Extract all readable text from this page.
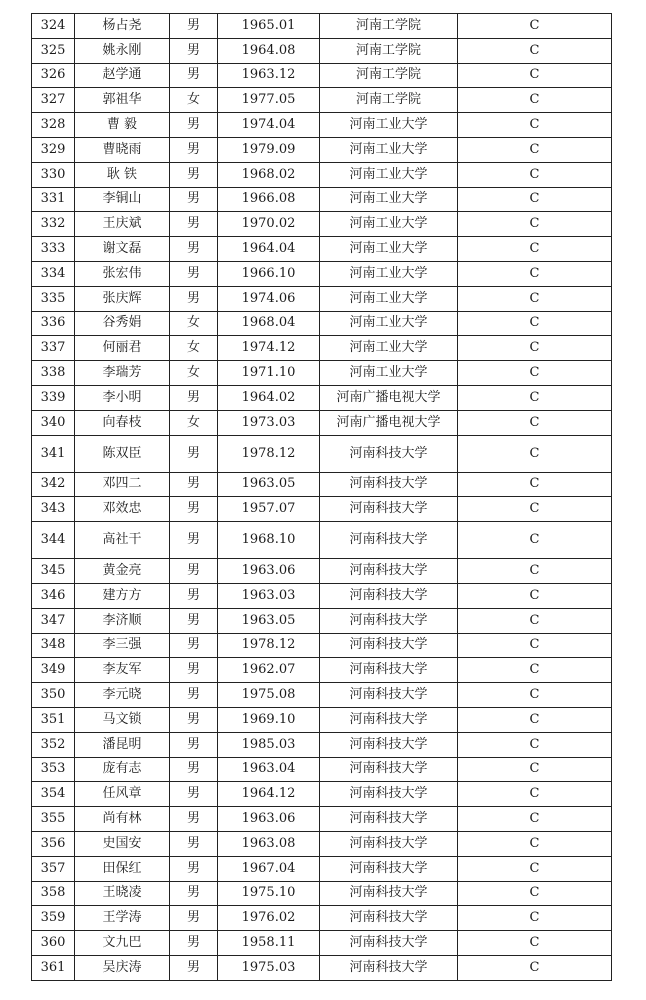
324	杨占尧	男	1965.01	河南工学院	C
325	姚永刚	男	1964.08	河南工学院	C
326	赵学通	男	1963.12	河南工学院	C
327	郭祖华	女	1977.05	河南工学院	C
328	曹 毅	男	1974.04	河南工业大学	C
329	曹晓雨	男	1979.09	河南工业大学	C
330	耿 铁	男	1968.02	河南工业大学	C
331	李铜山	男	1966.08	河南工业大学	C
332	王庆斌	男	1970.02	河南工业大学	C
333	谢文磊	男	1964.04	河南工业大学	C
334	张宏伟	男	1966.10	河南工业大学	C
335	张庆辉	男	1974.06	河南工业大学	C
336	谷秀娟	女	1968.04	河南工业大学	C
337	何丽君	女	1974.12	河南工业大学	C
338	李瑞芳	女	1971.10	河南工业大学	C
339	李小明	男	1964.02	河南广播电视大学	C
340	向春枝	女	1973.03	河南广播电视大学	C
341	陈双臣	男	1978.12	河南科技大学	C
342	邓四二	男	1963.05	河南科技大学	C
343	邓效忠	男	1957.07	河南科技大学	C
344	高社干	男	1968.10	河南科技大学	C
345	黄金亮	男	1963.06	河南科技大学	C
346	建方方	男	1963.03	河南科技大学	C
347	李济顺	男	1963.05	河南科技大学	C
348	李三强	男	1978.12	河南科技大学	C
349	李友军	男	1962.07	河南科技大学	C
350	李元晓	男	1975.08	河南科技大学	C
351	马文锁	男	1969.10	河南科技大学	C
352	潘昆明	男	1985.03	河南科技大学	C
353	庞有志	男	1963.04	河南科技大学	C
354	任风章	男	1964.12	河南科技大学	C
355	尚有林	男	1963.06	河南科技大学	C
356	史国安	男	1963.08	河南科技大学	C
357	田保红	男	1967.04	河南科技大学	C
358	王晓凌	男	1975.10	河南科技大学	C
359	王学涛	男	1976.02	河南科技大学	C
360	文九巴	男	1958.11	河南科技大学	C
361	吴庆涛	男	1975.03	河南科技大学	C
